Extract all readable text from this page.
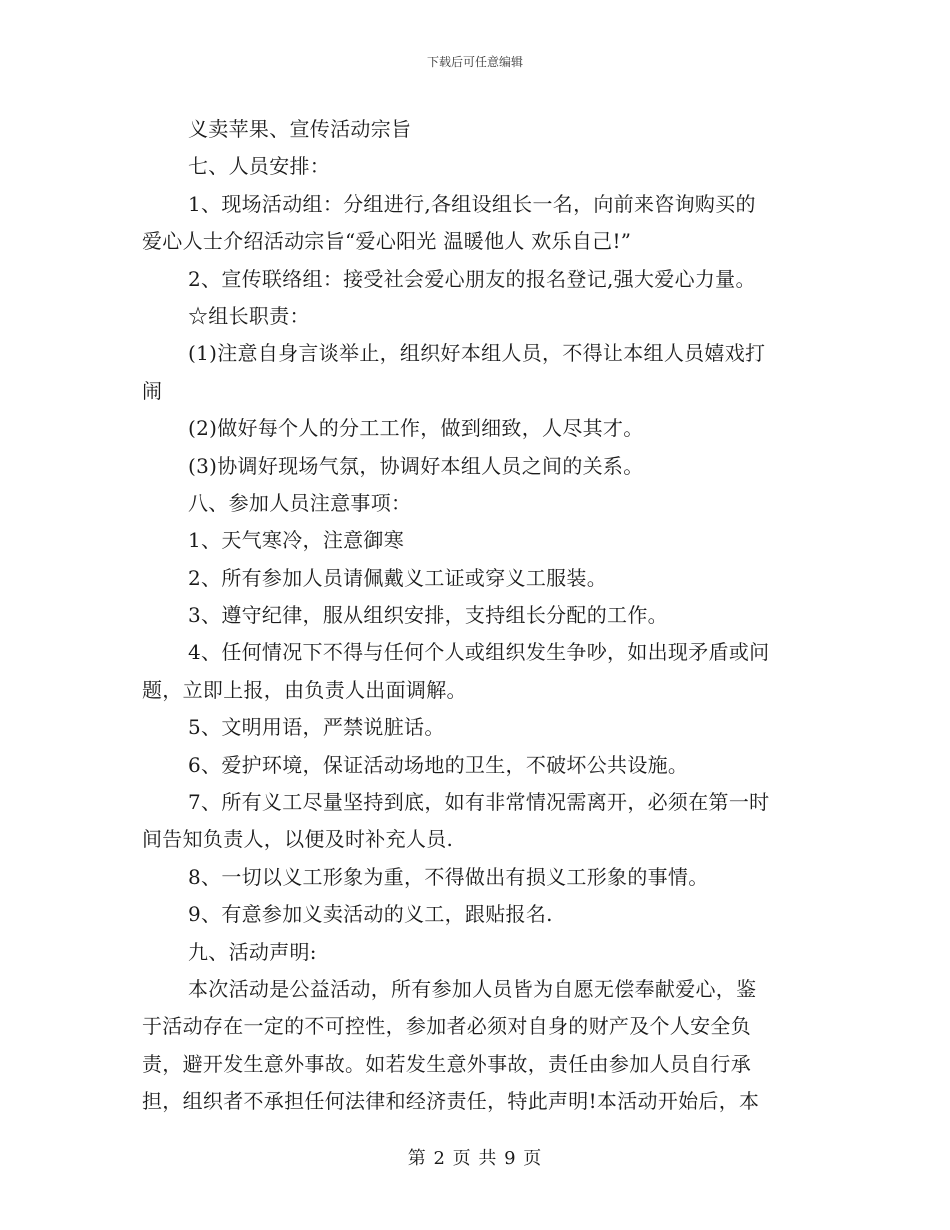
下载后可任意编辑
义卖苹果、宣传活动宗旨
七、人员安排：
1、现场活动组：分组进行,各组设组长一名，向前来咨询购买的
爱心人士介绍活动宗旨“爱心阳光 温暖他人 欢乐自己!”
2、宣传联络组：接受社会爱心朋友的报名登记,强大爱心力量。
☆组长职责：
(1)注意自身言谈举止，组织好本组人员，不得让本组人员嬉戏打
闹
(2)做好每个人的分工工作，做到细致，人尽其才。
(3)协调好现场气氛，协调好本组人员之间的关系。
八、参加人员注意事项：
1、天气寒冷，注意御寒
2、所有参加人员请佩戴义工证或穿义工服装。
3、遵守纪律，服从组织安排，支持组长分配的工作。
4、任何情况下不得与任何个人或组织发生争吵，如出现矛盾或问
题，立即上报，由负责人出面调解。
5、文明用语，严禁说脏话。
6、爱护环境，保证活动场地的卫生，不破坏公共设施。
7、所有义工尽量坚持到底，如有非常情况需离开，必须在第一时
间告知负责人，以便及时补充人员.
8、一切以义工形象为重，不得做出有损义工形象的事情。
9、有意参加义卖活动的义工，跟贴报名.
九、活动声明:
本次活动是公益活动，所有参加人员皆为自愿无偿奉献爱心，鉴
于活动存在一定的不可控性，参加者必须对自身的财产及个人安全负
责，避开发生意外事故。如若发生意外事故，责任由参加人员自行承
担，组织者不承担任何法律和经济责任，特此声明!本活动开始后，本
第 2 页 共 9 页
